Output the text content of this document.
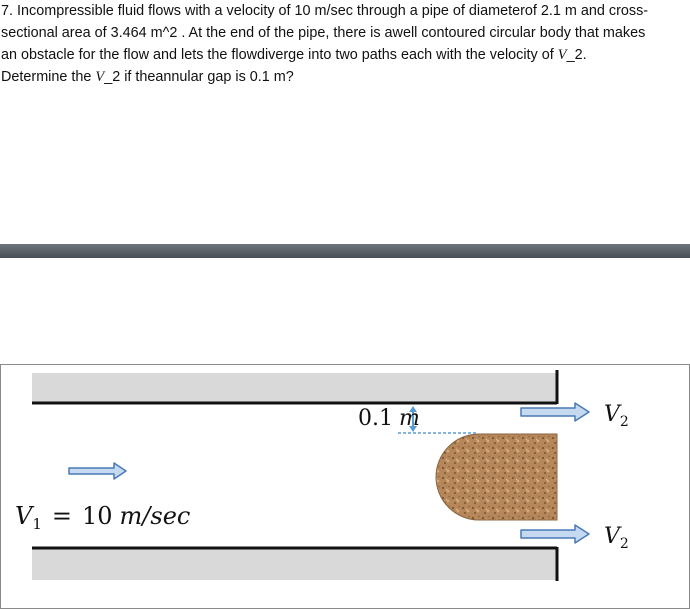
7. Incompressible fluid flows with a velocity of 10 m/sec through a pipe of diameterof 2.1 m and cross-
sectional area of 3.464 m^2 . At the end of the pipe, there is awell contoured circular body that makes
an obstacle for the flow and lets the flowdiverge into two paths each with the velocity of V_2.
Determine the V_2 if theannular gap is 0.1 m?
0.1 m
$V_1 = 10$ m/sec
$V_2$
$V_2$
